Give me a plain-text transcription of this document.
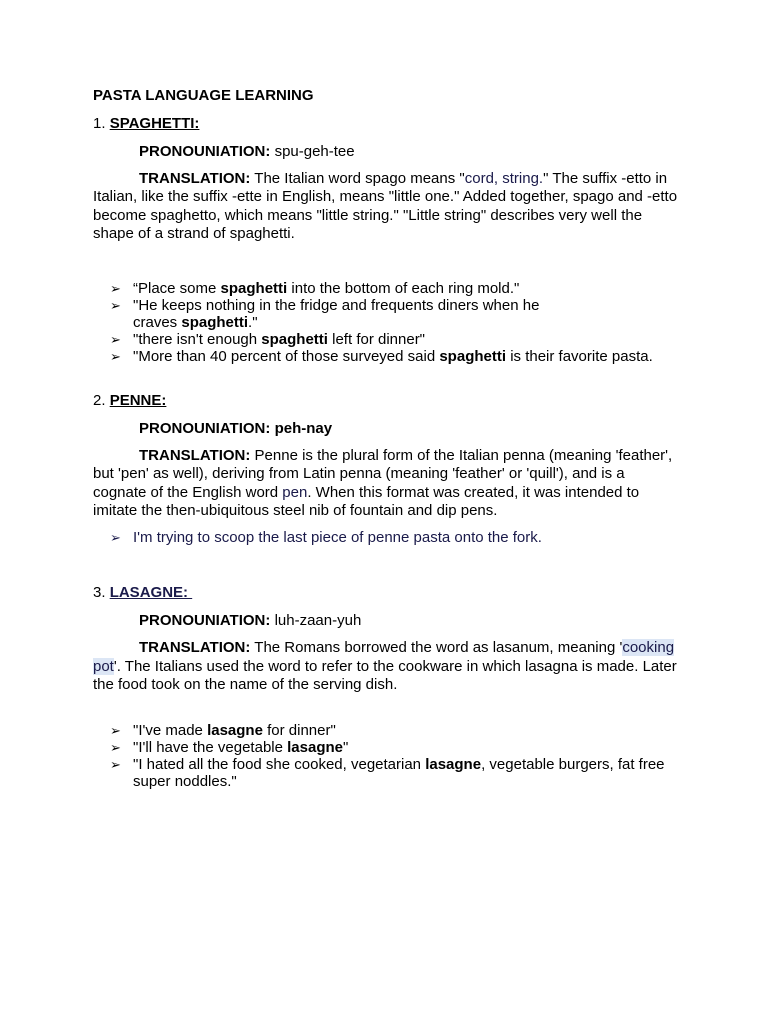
PASTA LANGUAGE LEARNING

1. SPAGHETTI:

PRONOUNIATION: spu-geh-tee

TRANSLATION: The Italian word spago means "cord, string." The suffix -etto in Italian, like the suffix -ette in English, means "little one." Added together, spago and -etto become spaghetto, which means "little string." "Little string" describes very well the shape of a strand of spaghetti.

➢ “Place some spaghetti into the bottom of each ring mold."
➢ "He keeps nothing in the fridge and frequents diners when he craves spaghetti."
➢ "there isn't enough spaghetti left for dinner"
➢ "More than 40 percent of those surveyed said spaghetti is their favorite pasta.

2. PENNE:

PRONOUNIATION: peh-nay

TRANSLATION: Penne is the plural form of the Italian penna (meaning 'feather', but 'pen' as well), deriving from Latin penna (meaning 'feather' or 'quill'), and is a cognate of the English word pen. When this format was created, it was intended to imitate the then-ubiquitous steel nib of fountain and dip pens.

➢ I'm trying to scoop the last piece of penne pasta onto the fork.

3. LASAGNE:

PRONOUNIATION: luh-zaan-yuh

TRANSLATION: The Romans borrowed the word as lasanum, meaning 'cooking pot'. The Italians used the word to refer to the cookware in which lasagna is made. Later the food took on the name of the serving dish.

➢ "I've made lasagne for dinner"
➢ "I'll have the vegetable lasagne"
➢ "I hated all the food she cooked, vegetarian lasagne, vegetable burgers, fat free super noddles."
